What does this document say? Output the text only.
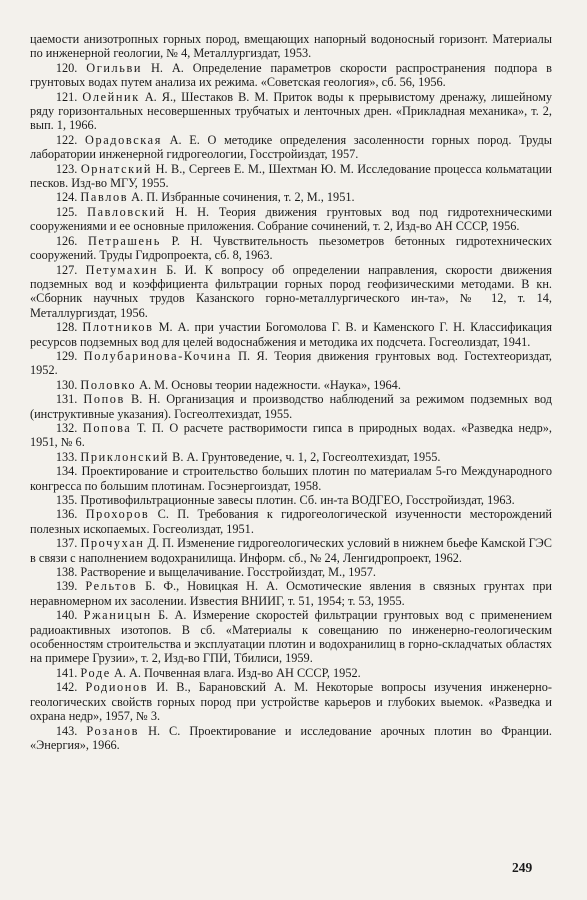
цаемости анизотропных горных пород, вмещающих напорный водоносный горизонт. Материалы по инженерной геологии, № 4, Металлургиздат, 1953.

120. Огильви Н. А. Определение параметров скорости распространения подпора в грунтовых водах путем анализа их режима. «Советская геология», сб. 56, 1956.

121. Олейник А. Я., Шестаков В. М. Приток воды к прерывистому дренажу, лишейному ряду горизонтальных несовершенных трубчатых и ленточных дрен. «Прикладная механика», т. 2, вып. 1, 1966.

122. Орадовская А. Е. О методике определения засоленности горных пород. Труды лаборатории инженерной гидрогеологии, Госстройиздат, 1957.

123. Орнатский Н. В., Сергеев Е. М., Шехтман Ю. М. Исследование процесса кольматации песков. Изд-во МГУ, 1955.

124. Павлов А. П. Избранные сочинения, т. 2, М., 1951.

125. Павловский Н. Н. Теория движения грунтовых вод под гидротехническими сооружениями и ее основные приложения. Собрание сочинений, т. 2, Изд-во АН СССР, 1956.

126. Петрашень Р. Н. Чувствительность пьезометров бетонных гидротехнических сооружений. Труды Гидропроекта, сб. 8, 1963.

127. Петумахин Б. И. К вопросу об определении направления, скорости движения подземных вод и коэффициента фильтрации горных пород геофизическими методами. В кн. «Сборник научных трудов Казанского горно-металлургического ин-та», № 12, т. 14, Металлургиздат, 1956.

128. Плотников М. А. при участии Богомолова Г. В. и Каменского Г. Н. Классификация ресурсов подземных вод для целей водоснабжения и методика их подсчета. Госгеолиздат, 1941.

129. Полубаринова-Кочина П. Я. Теория движения грунтовых вод. Гостехтеориздат, 1952.

130. Половко А. М. Основы теории надежности. «Наука», 1964.

131. Попов В. Н. Организация и производство наблюдений за режимом подземных вод (инструктивные указания). Госгеолтехиздат, 1955.

132. Попова Т. П. О расчете растворимости гипса в природных водах. «Разведка недр», 1951, № 6.

133. Приклонский В. А. Грунтоведение, ч. 1, 2, Госгеолтехиздат, 1955.

134. Проектирование и строительство больших плотин по материалам 5-го Международного конгресса по большим плотинам. Госэнергоиздат, 1958.

135. Противофильтрационные завесы плотин. Сб. ин-та ВОДГЕО, Госстройиздат, 1963.

136. Прохоров С. П. Требования к гидрогеологической изученности месторождений полезных ископаемых. Госгеолиздат, 1951.

137. Прочухан Д. П. Изменение гидрогеологических условий в нижнем бьефе Камской ГЭС в связи с наполнением водохранилища. Информ. сб., № 24, Ленгидропроект, 1962.

138. Растворение и выщелачивание. Госстройиздат, М., 1957.

139. Рельтов Б. Ф., Новицкая Н. А. Осмотические явления в связных грунтах при неравномерном их засолении. Известия ВНИИГ, т. 51, 1954; т. 53, 1955.

140. Ржаницын Б. А. Измерение скоростей фильтрации грунтовых вод с применением радиоактивных изотопов. В сб. «Материалы к совещанию по инженерно-геологическим особенностям строительства и эксплуатации плотин и водохранилищ в горно-складчатых областях на примере Грузии», т. 2, Изд-во ГПИ, Тбилиси, 1959.

141. Роде А. А. Почвенная влага. Изд-во АН СССР, 1952.

142. Родионов И. В., Барановский А. М. Некоторые вопросы изучения инженерно-геологических свойств горных пород при устройстве карьеров и глубоких выемок. «Разведка и охрана недр», 1957, № 3.

143. Розанов Н. С. Проектирование и исследование арочных плотин во Франции. «Энергия», 1966.

249
